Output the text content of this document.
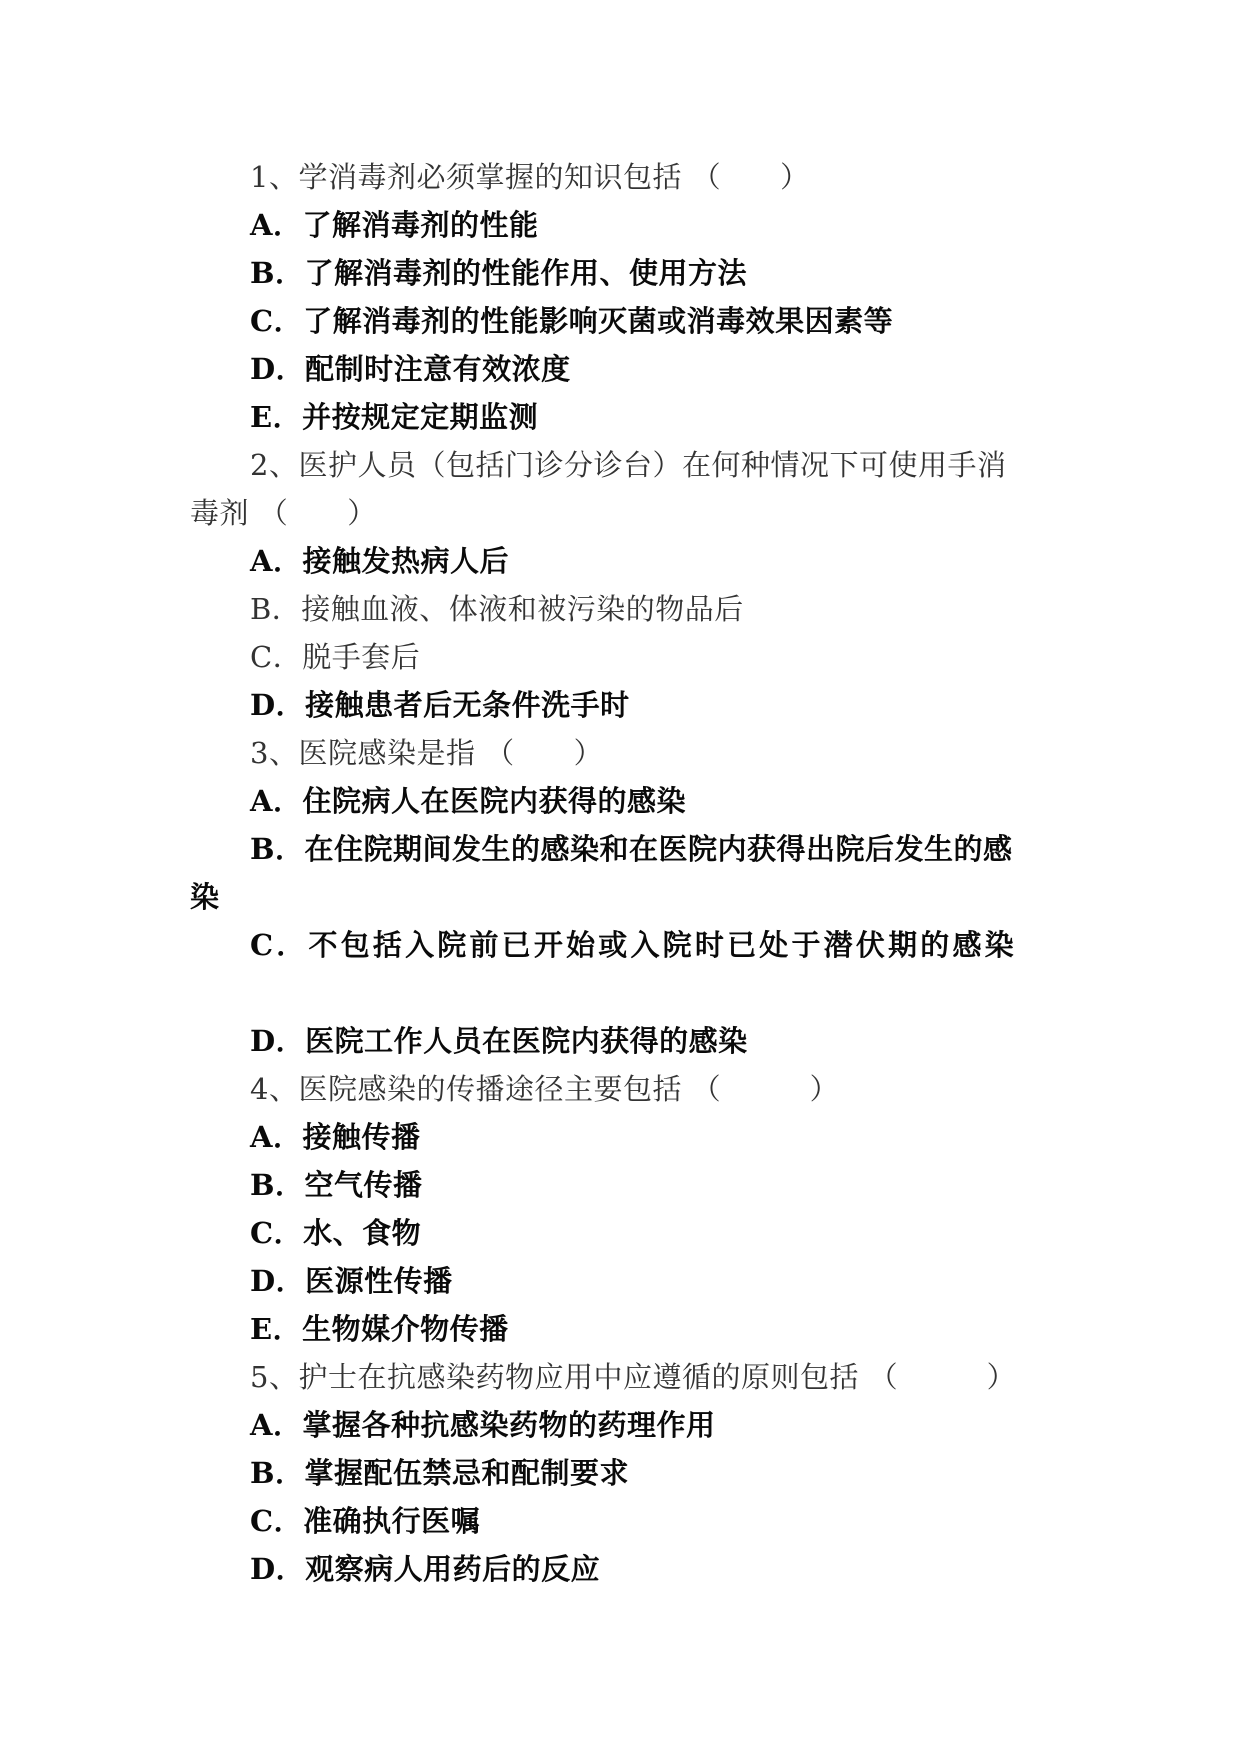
1、学消毒剂必须掌握的知识包括 （　　）
A．了解消毒剂的性能
B．了解消毒剂的性能作用、使用方法
C．了解消毒剂的性能影响灭菌或消毒效果因素等
D．配制时注意有效浓度
E．并按规定定期监测
2、医护人员（包括门诊分诊台）在何种情况下可使用手消
毒剂 （　　）
A．接触发热病人后
B．接触血液、体液和被污染的物品后
C．脱手套后
D．接触患者后无条件洗手时
3、医院感染是指 （　　）
A．住院病人在医院内获得的感染
B．在住院期间发生的感染和在医院内获得出院后发生的感
染
C．不包括入院前已开始或入院时已处于潜伏期的感染
D．医院工作人员在医院内获得的感染
4、医院感染的传播途径主要包括 （　　　）
A．接触传播
B．空气传播
C．水、食物
D．医源性传播
E．生物媒介物传播
5、护士在抗感染药物应用中应遵循的原则包括 （　　　）
A．掌握各种抗感染药物的药理作用
B．掌握配伍禁忌和配制要求
C．准确执行医嘱
D．观察病人用药后的反应
